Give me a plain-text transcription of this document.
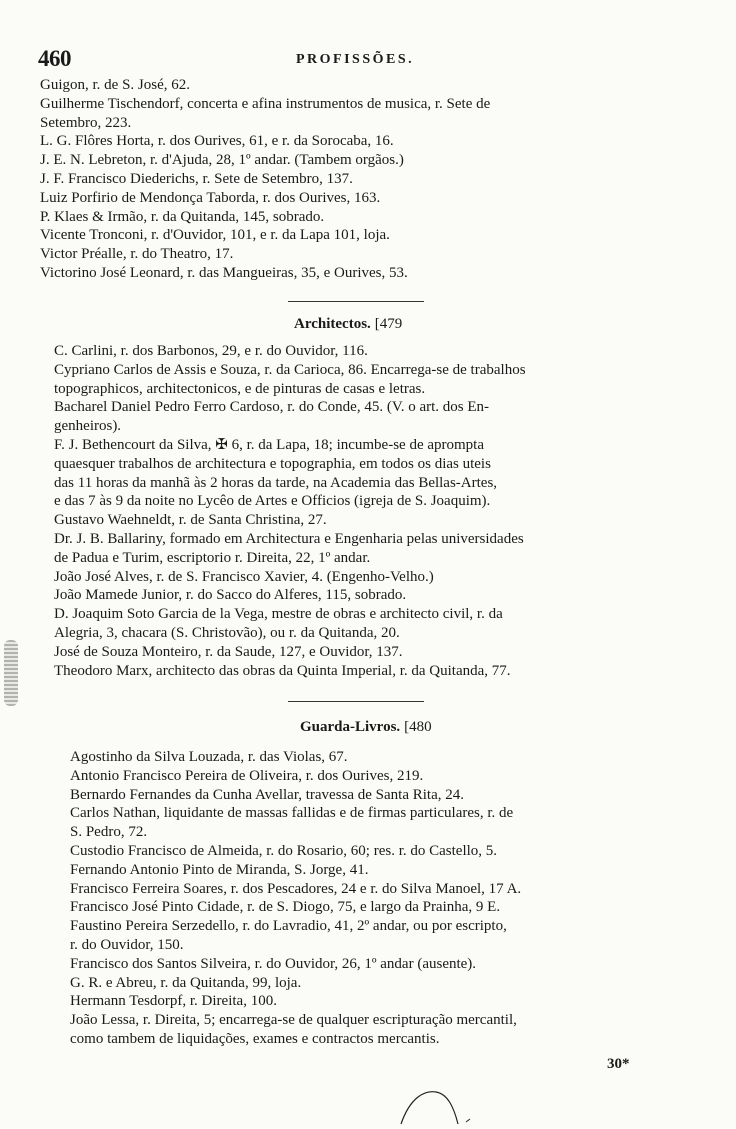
460	PROFISSÕES.

Guigon, r. de S. José, 62.

Guilherme Tischendorf, concerta e afina instrumentos de musica, r. Sete de
Setembro, 223.

L. G. Flôres Horta, r. dos Ourives, 61, e r. da Sorocaba, 16.

J. E. N. Lebreton, r. d'Ajuda, 28, 1º andar. (Tambem orgãos.)

J. F. Francisco Diederichs, r. Sete de Setembro, 137.

Luiz Porfirio de Mendonça Taborda, r. dos Ourives, 163.

P. Klaes & Irmão, r. da Quitanda, 145, sobrado.

Vicente Tronconi, r. d'Ouvidor, 101, e r. da Lapa 101, loja.

Victor Préalle, r. do Theatro, 17.

Victorino José Leonard, r. das Mangueiras, 35, e Ourives, 53.

Architectos. [479

C. Carlini, r. dos Barbonos, 29, e r. do Ouvidor, 116.

Cypriano Carlos de Assis e Souza, r. da Carioca, 86. Encarrega-se de trabalhos
topographicos, architectonicos, e de pinturas de casas e letras.

Bacharel Daniel Pedro Ferro Cardoso, r. do Conde, 45. (V. o art. dos En-
genheiros).

F. J. Bethencourt da Silva, ✠ 6, r. da Lapa, 18; incumbe-se de aprompta
quaesquer trabalhos de architectura e topographia, em todos os dias uteis
das 11 horas da manhã às 2 horas da tarde, na Academia das Bellas-Artes,
e das 7 às 9 da noite no Lycêo de Artes e Officios (igreja de S. Joaquim).

Gustavo Waehneldt, r. de Santa Christina, 27.

Dr. J. B. Ballariny, formado em Architectura e Engenharia pelas universidades
de Padua e Turim, escriptorio r. Direita, 22, 1º andar.

João José Alves, r. de S. Francisco Xavier, 4. (Engenho-Velho.)

João Mamede Junior, r. do Sacco do Alferes, 115, sobrado.

D. Joaquim Soto Garcia de la Vega, mestre de obras e architecto civil, r. da
Alegria, 3, chacara (S. Christovão), ou r. da Quitanda, 20.

José de Souza Monteiro, r. da Saude, 127, e Ouvidor, 137.

Theodoro Marx, architecto das obras da Quinta Imperial, r. da Quitanda, 77.

Guarda-Livros. [480

Agostinho da Silva Louzada, r. das Violas, 67.

Antonio Francisco Pereira de Oliveira, r. dos Ourives, 219.

Bernardo Fernandes da Cunha Avellar, travessa de Santa Rita, 24.

Carlos Nathan, liquidante de massas fallidas e de firmas particulares, r. de
S. Pedro, 72.

Custodio Francisco de Almeida, r. do Rosario, 60; res. r. do Castello, 5.

Fernando Antonio Pinto de Miranda, S. Jorge, 41.

Francisco Ferreira Soares, r. dos Pescadores, 24 e r. do Silva Manoel, 17 A.

Francisco José Pinto Cidade, r. de S. Diogo, 75, e largo da Prainha, 9 E.

Faustino Pereira Serzedello, r. do Lavradio, 41, 2º andar, ou por escripto,
r. do Ouvidor, 150.

Francisco dos Santos Silveira, r. do Ouvidor, 26, 1º andar (ausente).

G. R. e Abreu, r. da Quitanda, 99, loja.

Hermann Tesdorpf, r. Direita, 100.

João Lessa, r. Direita, 5; encarrega-se de qualquer escripturação mercantil,
como tambem de liquidações, exames e contractos mercantis.

30*
